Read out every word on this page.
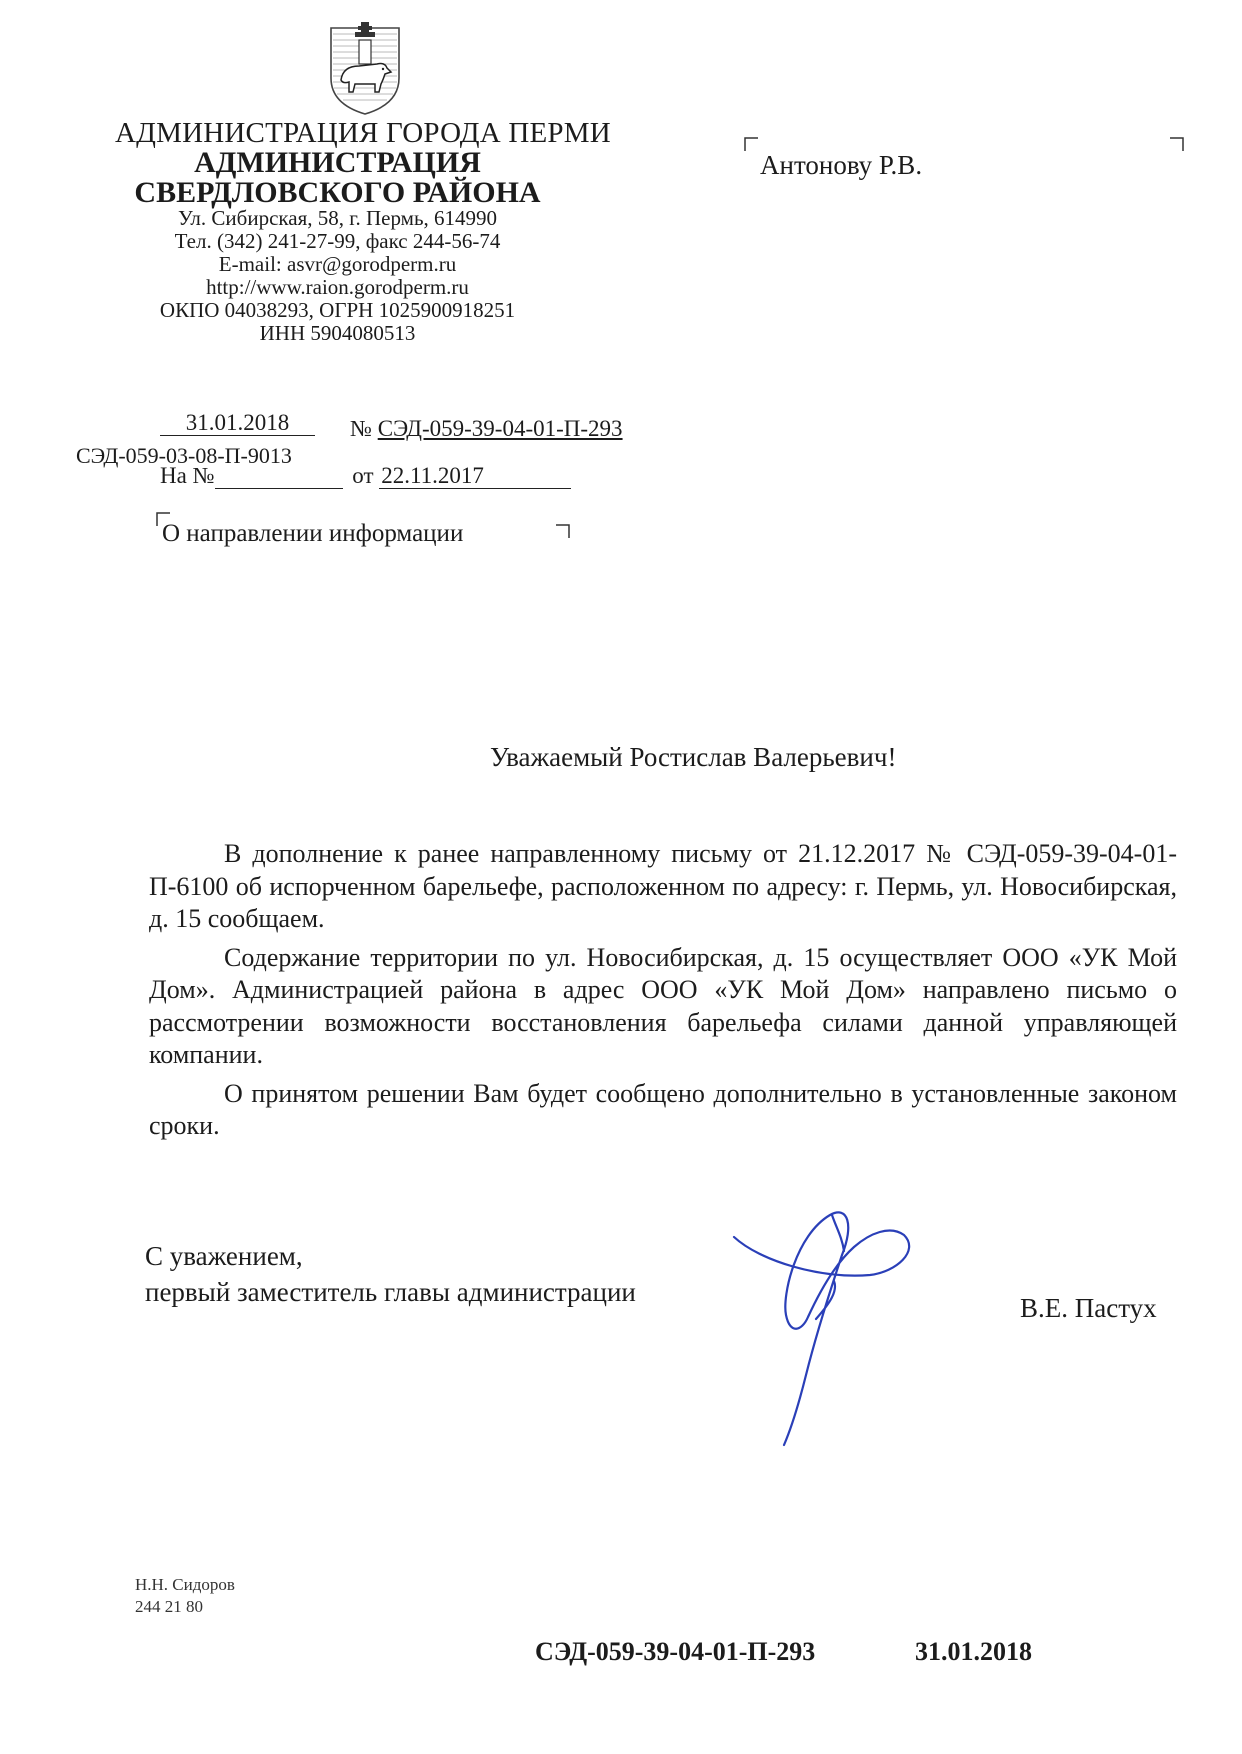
АДМИНИСТРАЦИЯ ГОРОДА ПЕРМИ
АДМИНИСТРАЦИЯ
СВЕРДЛОВСКОГО РАЙОНА
Ул. Сибирская, 58, г. Пермь, 614990
Тел. (342) 241-27-99, факс 244-56-74
E-mail: asvr@gorodperm.ru
http://www.raion.gorodperm.ru
ОКПО 04038293, ОГРН 1025900918251
ИНН 5904080513
Антонову Р.В.
31.01.2018	№ СЭД-059-39-04-01-П-293
СЭД-059-03-08-П-9013
На №	от 22.11.2017
О направлении информации
Уважаемый Ростислав Валерьевич!

В дополнение к ранее направленному письму от 21.12.2017 № СЭД-059-39-04-01-П-6100 об испорченном барельефе, расположенном по адресу: г. Пермь, ул. Новосибирская, д. 15 сообщаем.

Содержание территории по ул. Новосибирская, д. 15 осуществляет ООО «УК Мой Дом». Администрацией района в адрес ООО «УК Мой Дом» направлено письмо о рассмотрении возможности восстановления барельефа силами данной управляющей компании.

О принятом решении Вам будет сообщено дополнительно в установленные законом сроки.

С уважением,
первый заместитель главы администрации
В.Е. Пастух
Н.Н. Сидоров
244 21 80
СЭД-059-39-04-01-П-293	31.01.2018
